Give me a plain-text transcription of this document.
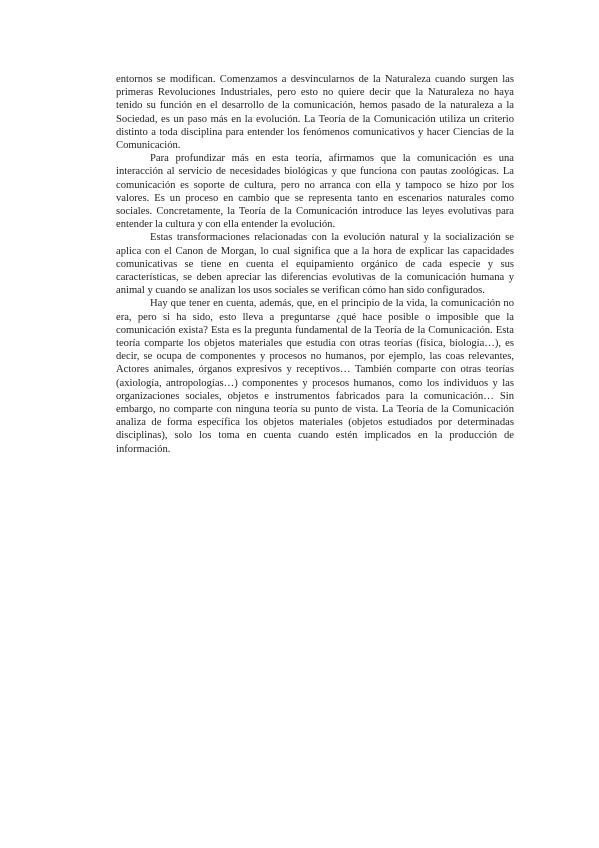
entornos se modifican. Comenzamos a desvincularnos de la Naturaleza cuando surgen las primeras Revoluciones Industriales, pero esto no quiere decir que la Naturaleza no haya tenido su función en el desarrollo de la comunicación, hemos pasado de la naturaleza a la Sociedad, es un paso más en la evolución. La Teoría de la Comunicación utiliza un criterio distinto a toda disciplina para entender los fenómenos comunicativos y hacer Ciencias de la Comunicación.

Para profundizar más en esta teoría, afirmamos que la comunicación es una interacción al servicio de necesidades biológicas y que funciona con pautas zoológicas. La comunicación es soporte de cultura, pero no arranca con ella y tampoco se hizo por los valores. Es un proceso en cambio que se representa tanto en escenarios naturales como sociales. Concretamente, la Teoría de la Comunicación introduce las leyes evolutivas para entender la cultura y con ella entender la evolución.

Estas transformaciones relacionadas con la evolución natural y la socialización se aplica con el Canon de Morgan, lo cual significa que a la hora de explicar las capacidades comunicativas se tiene en cuenta el equipamiento orgánico de cada especie y sus características, se deben apreciar las diferencias evolutivas de la comunicación humana y animal y cuando se analizan los usos sociales se verifican cómo han sido configurados.

Hay que tener en cuenta, además, que, en el principio de la vida, la comunicación no era, pero si ha sido, esto lleva a preguntarse ¿qué hace posible o imposible que la comunicación exista? Esta es la pregunta fundamental de la Teoría de la Comunicación. Esta teoría comparte los objetos materiales que estudia con otras teorías (física, biología…), es decir, se ocupa de componentes y procesos no humanos, por ejemplo, las coas relevantes, Actores animales, órganos expresivos y receptivos… También comparte con otras teorías (axiología, antropologías…) componentes y procesos humanos, como los individuos y las organizaciones sociales, objetos e instrumentos fabricados para la comunicación… Sin embargo, no comparte con ninguna teoría su punto de vista. La Teoría de la Comunicación analiza de forma específica los objetos materiales (objetos estudiados por determinadas disciplinas), solo los toma en cuenta cuando estén implicados en la producción de información.
